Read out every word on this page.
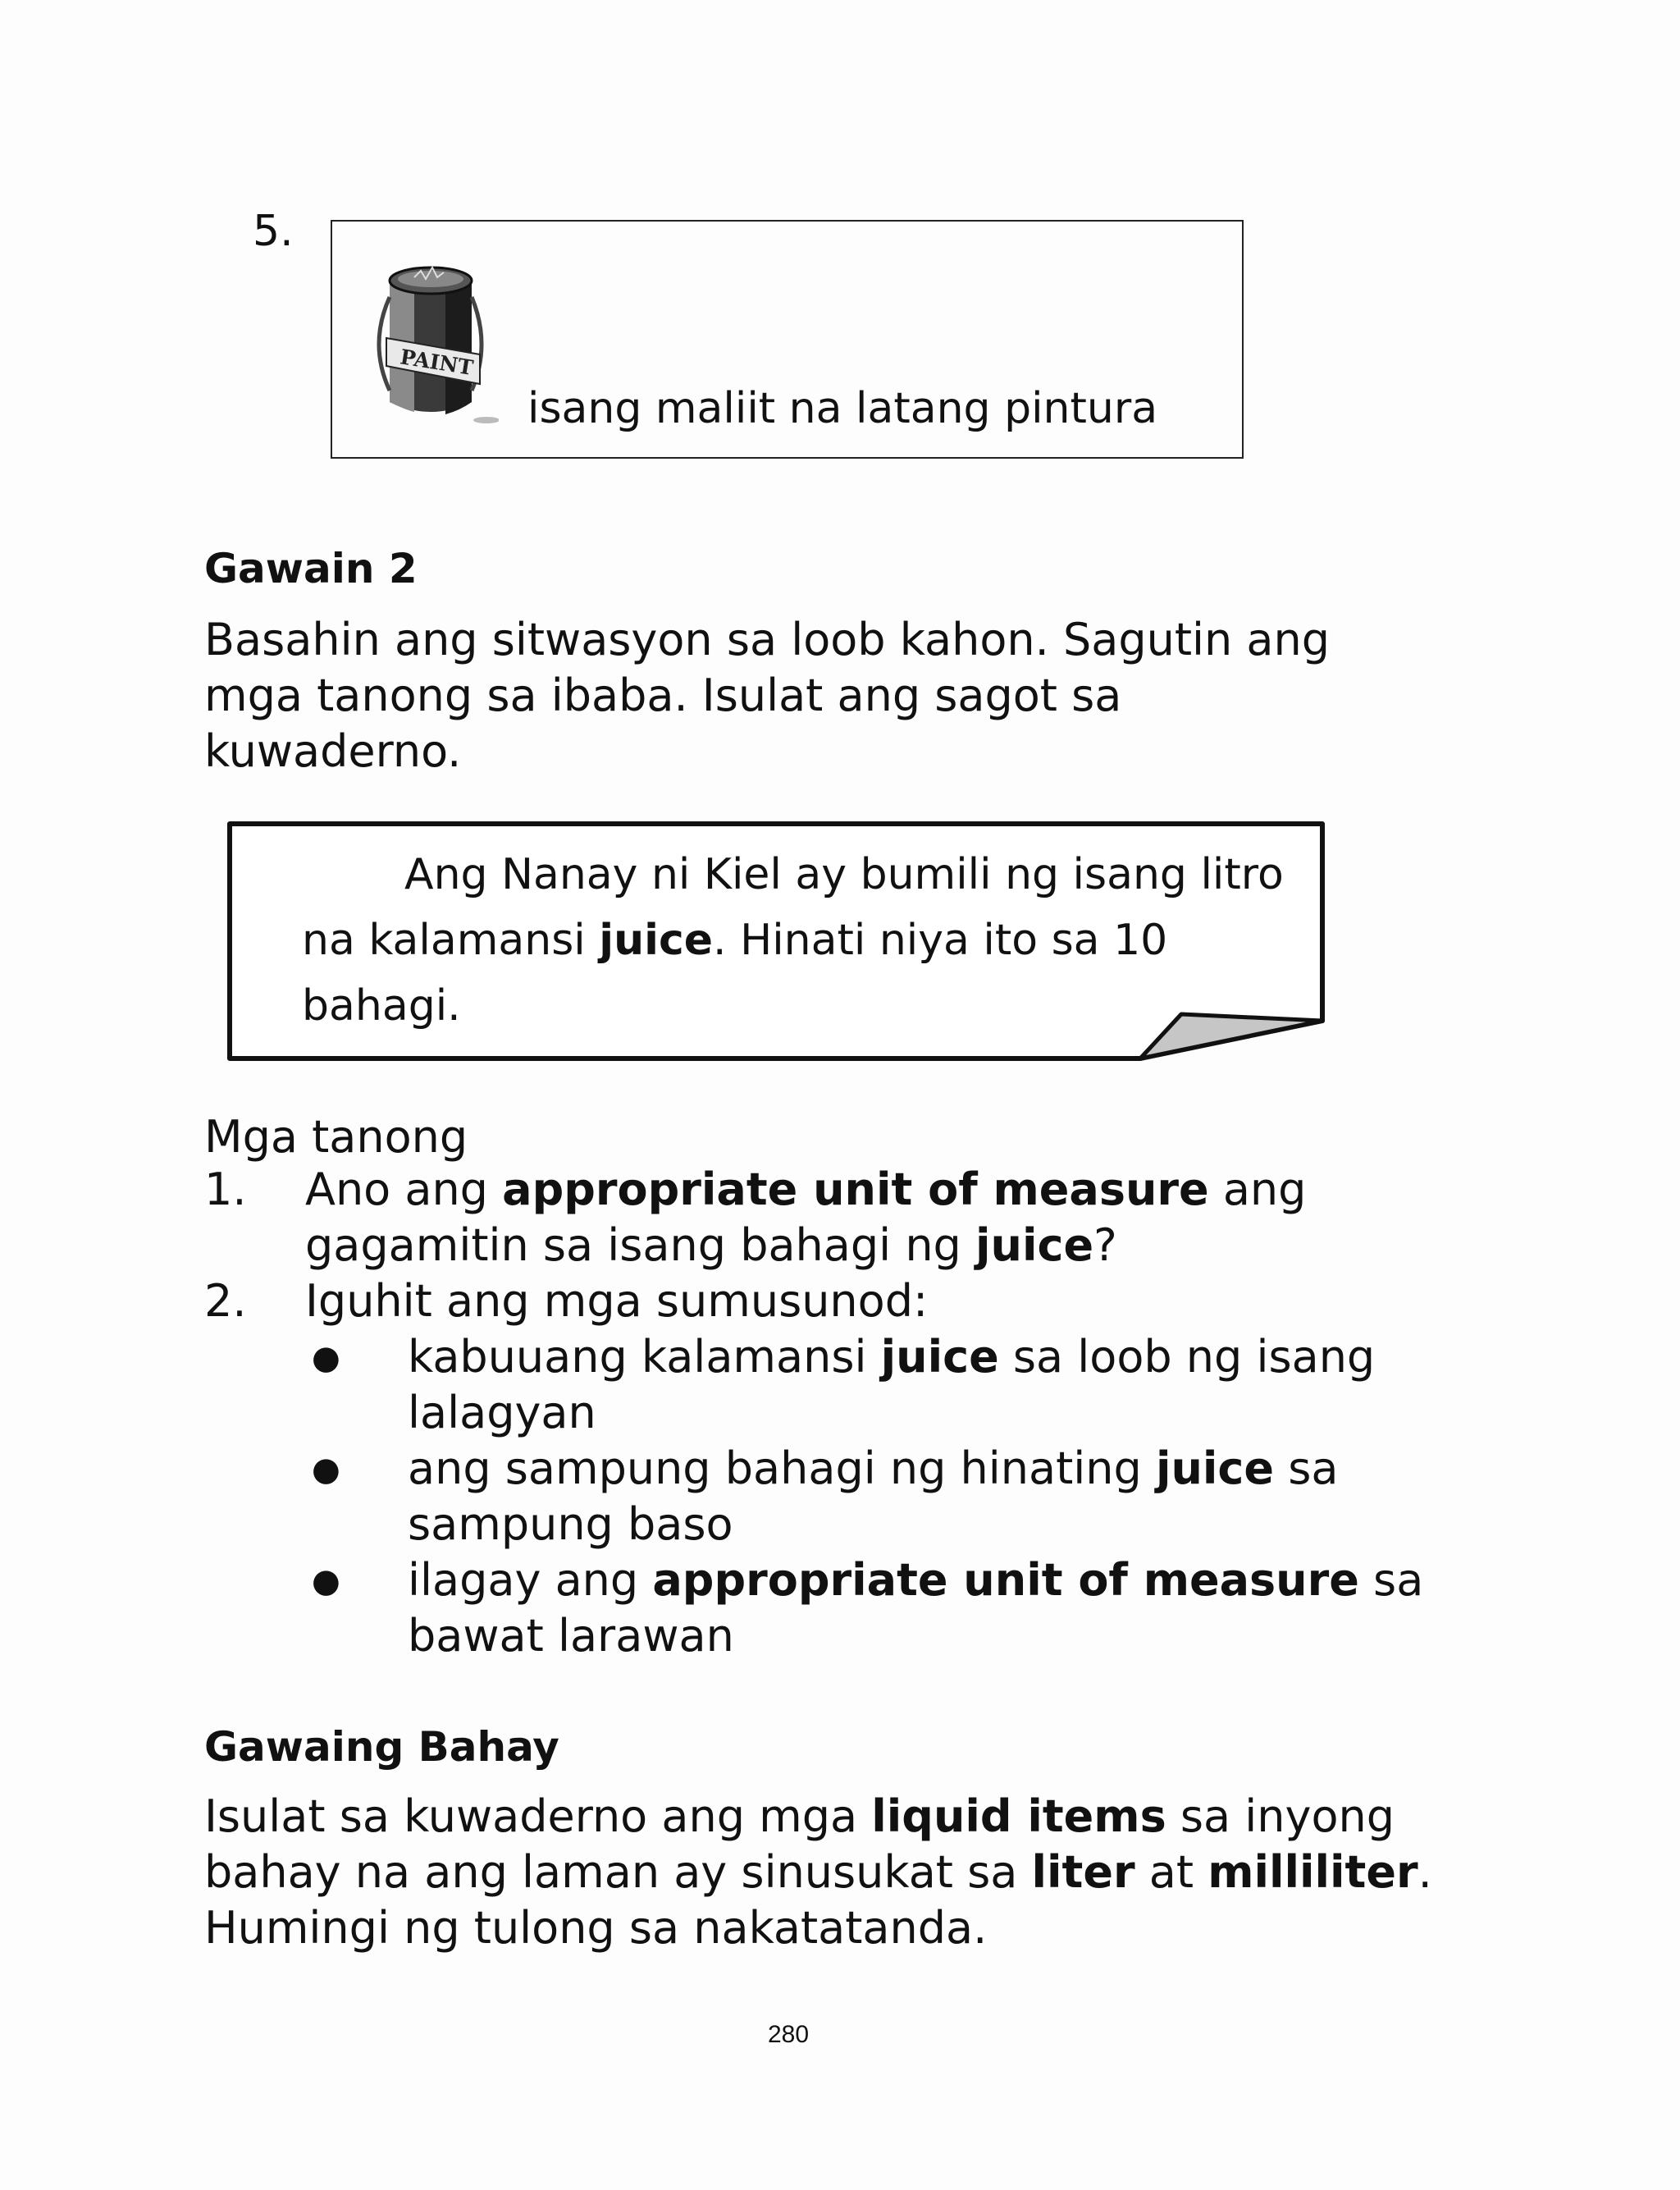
5.
PAINT
isang maliit na latang pintura
Gawain 2
Basahin ang sitwasyon sa loob kahon. Sagutin ang
mga tanong sa ibaba. Isulat ang sagot sa
kuwaderno.
Ang Nanay ni Kiel ay bumili ng isang litro
na kalamansi juice. Hinati niya ito sa 10
bahagi.
Mga tanong
1. Ano ang appropriate unit of measure ang
gagamitin sa isang bahagi ng juice?
2. Iguhit ang mga sumusunod:
● kabuuang kalamansi juice sa loob ng isang
lalagyan
● ang sampung bahagi ng hinating juice sa
sampung baso
● ilagay ang appropriate unit of measure sa
bawat larawan
Gawaing Bahay
Isulat sa kuwaderno ang mga liquid items sa inyong
bahay na ang laman ay sinusukat sa liter at milliliter.
Humingi ng tulong sa nakatatanda.
280
